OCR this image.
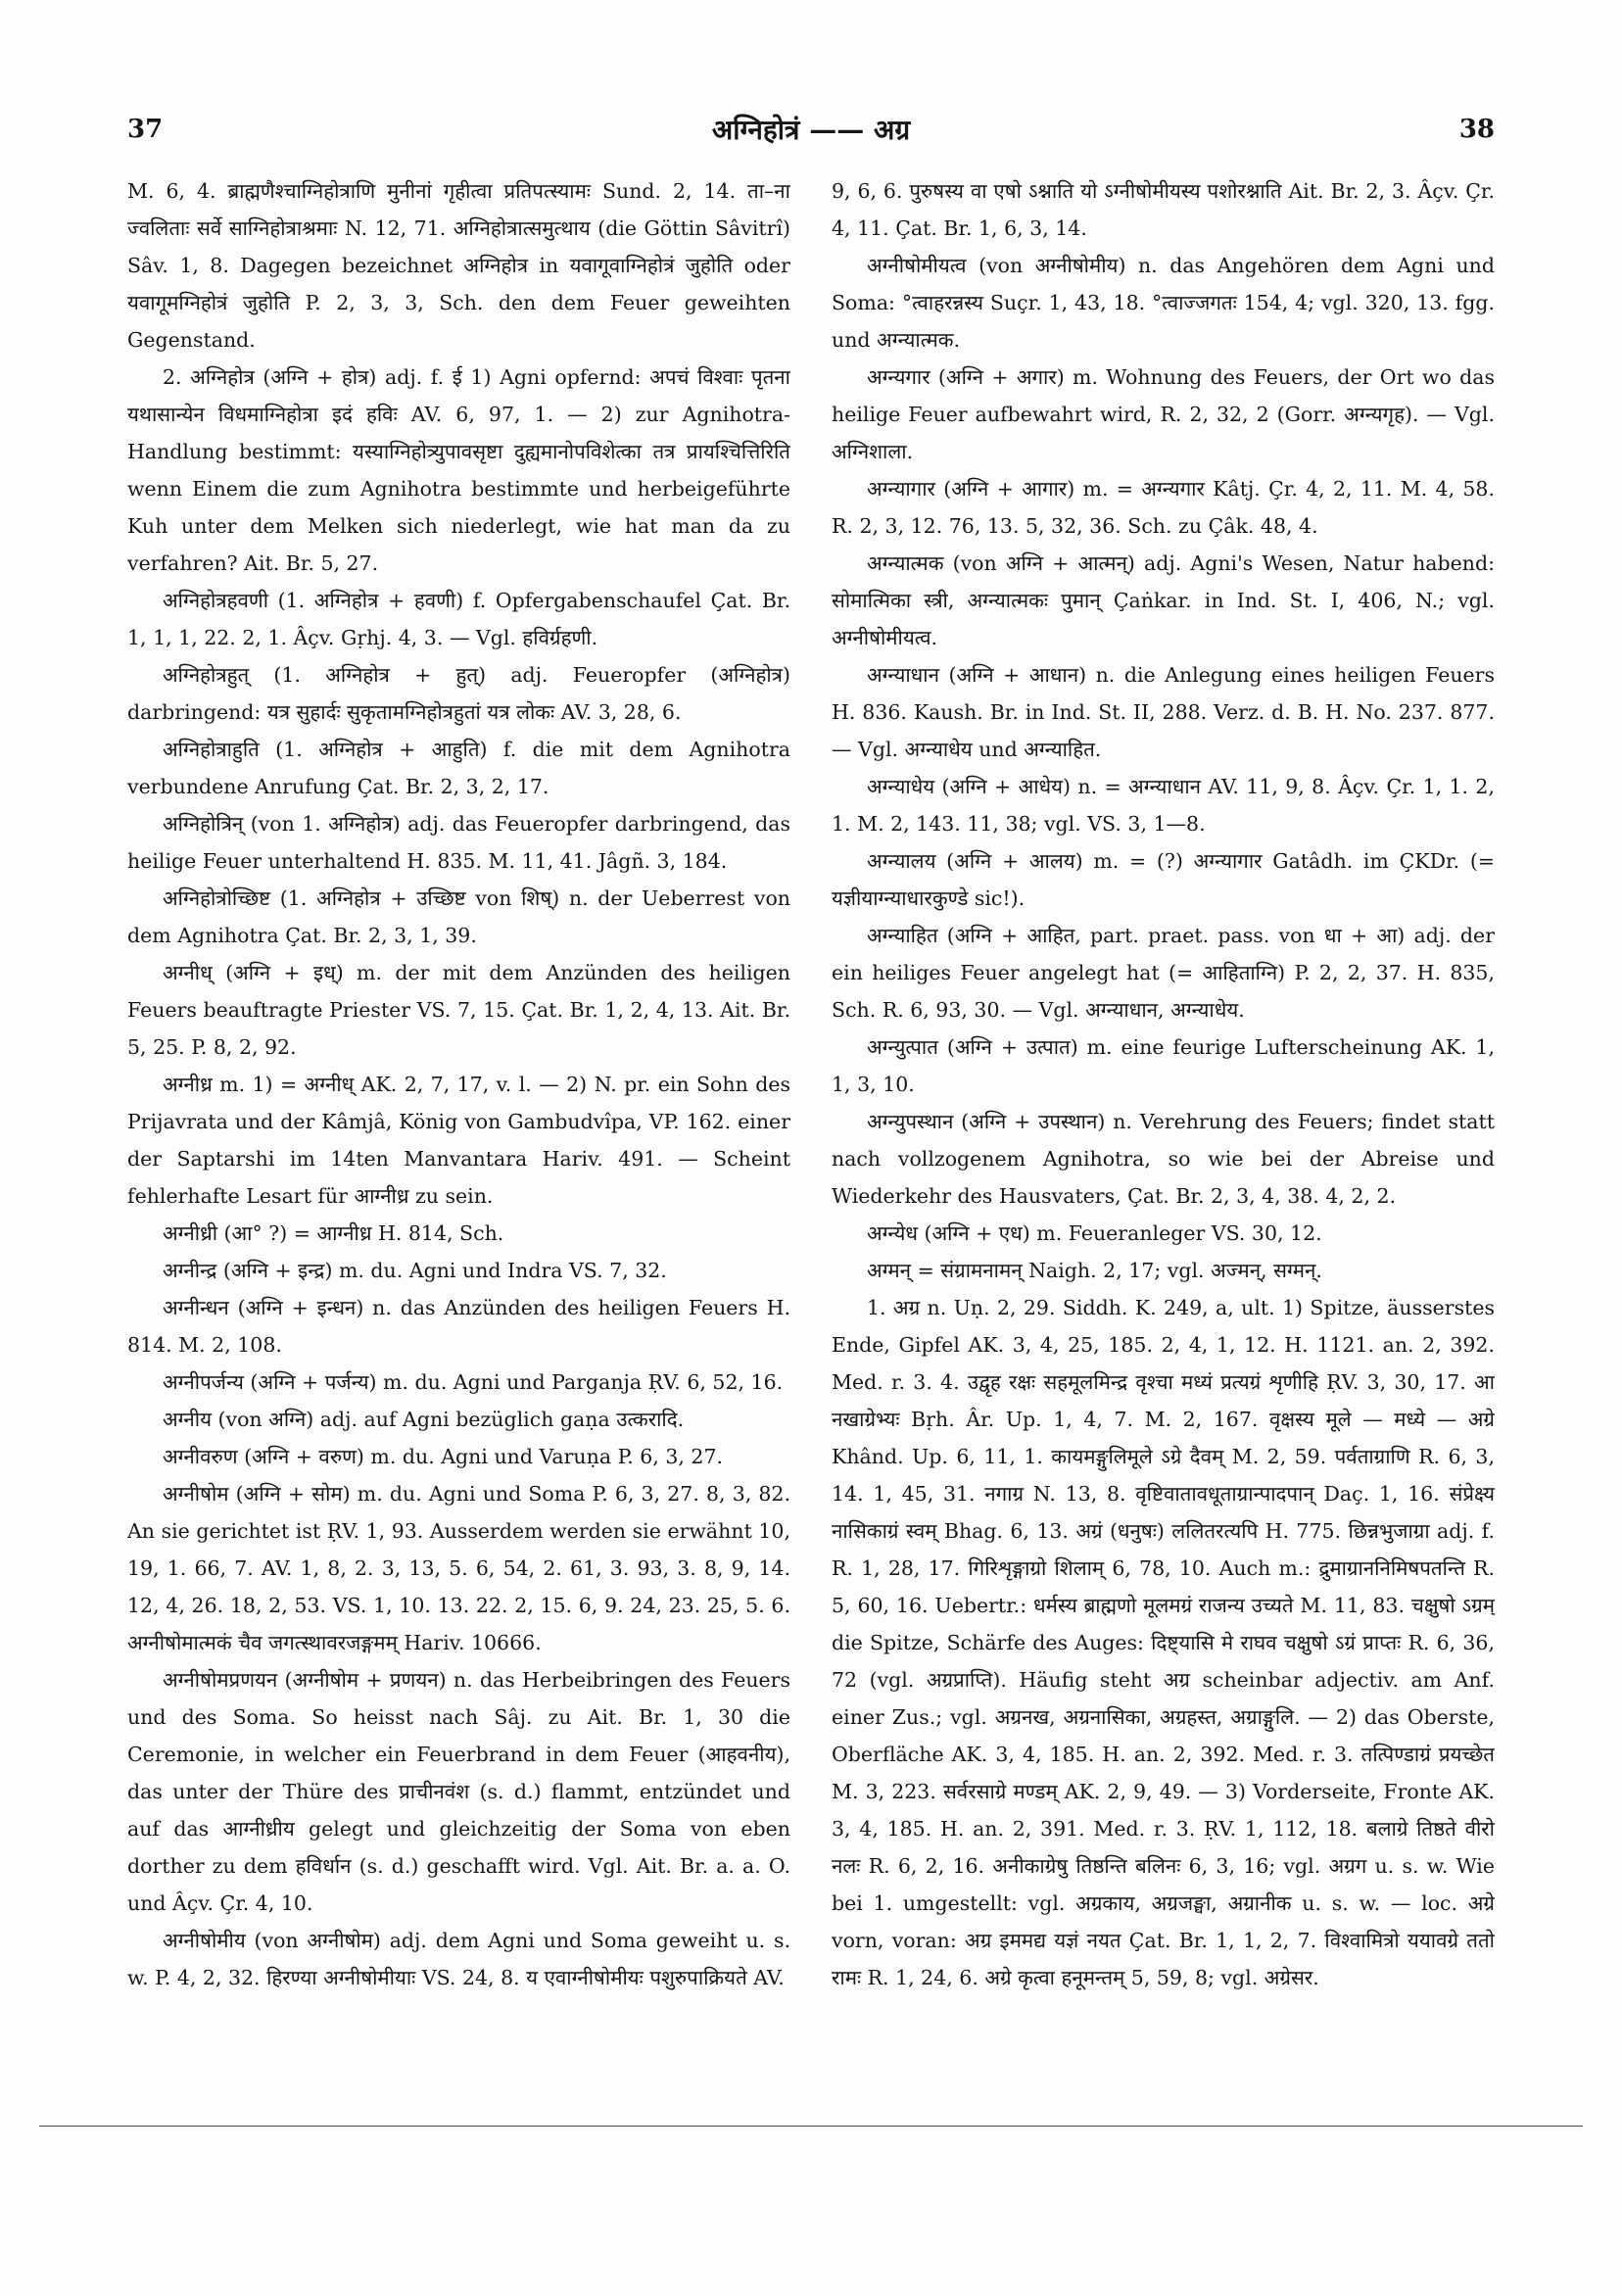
37	अग्निहोत्रं —— अग्र	38

M. 6, 4. ब्राह्मणैश्चाग्निहोत्राणि मुनीनां गृहीत्वा प्रतिपत्स्यामः Sund. 2, 14. ता–ना ज्वलिताः सर्वे साग्निहोत्राश्रमाः N. 12, 71. अग्निहोत्रात्समुत्थाय (die Göttin Sâvitrî) Sâv. 1, 8. Dagegen bezeichnet अग्निहोत्र in यवागूवाग्निहोत्रं जुहोति oder यवागूमग्निहोत्रं जुहोति P. 2, 3, 3, Sch. den dem Feuer geweihten Gegenstand.

2. अग्निहोत्र (अग्नि + होत्र) adj. f. ई 1) Agni opfernd: अपचं विश्वाः पृतना यथासान्येन विधमाग्निहोत्रा इदं हविः AV. 6, 97, 1. — 2) zur Agnihotra-Handlung bestimmt: यस्याग्निहोत्र्युपावसृष्टा दुह्यमानोपविशेत्का तत्र प्रायश्चित्तिरिति wenn Einem die zum Agnihotra bestimmte und herbeigeführte Kuh unter dem Melken sich niederlegt, wie hat man da zu verfahren? Ait. Br. 5, 27.

अग्निहोत्रहवणी (1. अग्निहोत्र + हवणी) f. Opfergabenschaufel Çat. Br. 1, 1, 1, 22. 2, 1. Âçv. Gṛhj. 4, 3. — Vgl. हविर्ग्रहणी.

अग्निहोत्रहुत् (1. अग्निहोत्र + हुत्) adj. Feueropfer (अग्निहोत्र) darbringend: यत्र सुहार्दः सुकृतामग्निहोत्रहुतां यत्र लोकः AV. 3, 28, 6.

अग्निहोत्राहुति (1. अग्निहोत्र + आहुति) f. die mit dem Agnihotra verbundene Anrufung Çat. Br. 2, 3, 2, 17.

अग्निहोत्रिन् (von 1. अग्निहोत्र) adj. das Feueropfer darbringend, das heilige Feuer unterhaltend H. 835. M. 11, 41. Jâgñ. 3, 184.

अग्निहोत्रोच्छिष्ट (1. अग्निहोत्र + उच्छिष्ट von शिष्) n. der Ueberrest von dem Agnihotra Çat. Br. 2, 3, 1, 39.

अग्नीध् (अग्नि + इध्) m. der mit dem Anzünden des heiligen Feuers beauftragte Priester VS. 7, 15. Çat. Br. 1, 2, 4, 13. Ait. Br. 5, 25. P. 8, 2, 92.

अग्नीध्र m. 1) = अग्नीध् AK. 2, 7, 17, v. l. — 2) N. pr. ein Sohn des Prijavrata und der Kâmjâ, König von Gambudvîpa, VP. 162. einer der Saptarshi im 14ten Manvantara Hariv. 491. — Scheint fehlerhafte Lesart für आग्नीध्र zu sein.

अग्नीध्री (आ° ?) = आग्नीध्र H. 814, Sch.

अग्नीन्द्र (अग्नि + इन्द्र) m. du. Agni und Indra VS. 7, 32.

अग्नीन्धन (अग्नि + इन्धन) n. das Anzünden des heiligen Feuers H. 814. M. 2, 108.

अग्नीपर्जन्य (अग्नि + पर्जन्य) m. du. Agni und Parganja ṚV. 6, 52, 16.

अग्नीय (von अग्नि) adj. auf Agni bezüglich gaṇa उत्करादि.

अग्नीवरुण (अग्नि + वरुण) m. du. Agni und Varuṇa P. 6, 3, 27.

अग्नीषोम (अग्नि + सोम) m. du. Agni und Soma P. 6, 3, 27. 8, 3, 82. An sie gerichtet ist ṚV. 1, 93. Ausserdem werden sie erwähnt 10, 19, 1. 66, 7. AV. 1, 8, 2. 3, 13, 5. 6, 54, 2. 61, 3. 93, 3. 8, 9, 14. 12, 4, 26. 18, 2, 53. VS. 1, 10. 13. 22. 2, 15. 6, 9. 24, 23. 25, 5. 6. अग्नीषोमात्मकं चैव जगत्स्थावरजङ्गमम् Hariv. 10666.

अग्नीषोमप्रणयन (अग्नीषोम + प्रणयन) n. das Herbeibringen des Feuers und des Soma. So heisst nach Sâj. zu Ait. Br. 1, 30 die Ceremonie, in welcher ein Feuerbrand in dem Feuer (आहवनीय), das unter der Thüre des प्राचीनवंश (s. d.) flammt, entzündet und auf das आग्नीध्रीय gelegt und gleichzeitig der Soma von eben dorther zu dem हविर्धान (s. d.) geschafft wird. Vgl. Ait. Br. a. a. O. und Âçv. Çr. 4, 10.

अग्नीषोमीय (von अग्नीषोम) adj. dem Agni und Soma geweiht u. s. w. P. 4, 2, 32. हिरण्या अग्नीषोमीयाः VS. 24, 8. य एवाग्नीषोमीयः पशुरुपाक्रियते AV.

9, 6, 6. पुरुषस्य वा एषो ऽश्नाति यो ऽग्नीषोमीयस्य पशोरश्नाति Ait. Br. 2, 3. Âçv. Çr. 4, 11. Çat. Br. 1, 6, 3, 14.

अग्नीषोमीयत्व (von अग्नीषोमीय) n. das Angehören dem Agni und Soma: °त्वाहरन्नस्य Suçr. 1, 43, 18. °त्वाज्जगतः 154, 4; vgl. 320, 13. fgg. und अग्न्यात्मक.

अग्न्यगार (अग्नि + अगार) m. Wohnung des Feuers, der Ort wo das heilige Feuer aufbewahrt wird, R. 2, 32, 2 (Gorr. अग्न्यगृह). — Vgl. अग्निशाला.

अग्न्यागार (अग्नि + आगार) m. = अग्न्यगार Kâtj. Çr. 4, 2, 11. M. 4, 58. R. 2, 3, 12. 76, 13. 5, 32, 36. Sch. zu Çâk. 48, 4.

अग्न्यात्मक (von अग्नि + आत्मन्) adj. Agni's Wesen, Natur habend: सोमात्मिका स्त्री, अग्न्यात्मकः पुमान् Çaṅkar. in Ind. St. I, 406, N.; vgl. अग्नीषोमीयत्व.

अग्न्याधान (अग्नि + आधान) n. die Anlegung eines heiligen Feuers H. 836. Kaush. Br. in Ind. St. II, 288. Verz. d. B. H. No. 237. 877. — Vgl. अग्न्याधेय und अग्न्याहित.

अग्न्याधेय (अग्नि + आधेय) n. = अग्न्याधान AV. 11, 9, 8. Âçv. Çr. 1, 1. 2, 1. M. 2, 143. 11, 38; vgl. VS. 3, 1—8.

अग्न्यालय (अग्नि + आलय) m. = (?) अग्न्यागार Gatâdh. im ÇKDr. (= यज्ञीयाग्न्याधारकुण्डे sic!).

अग्न्याहित (अग्नि + आहित, part. praet. pass. von धा + आ) adj. der ein heiliges Feuer angelegt hat (= आहिताग्नि) P. 2, 2, 37. H. 835, Sch. R. 6, 93, 30. — Vgl. अग्न्याधान, अग्न्याधेय.

अग्न्युत्पात (अग्नि + उत्पात) m. eine feurige Lufterscheinung AK. 1, 1, 3, 10.

अग्न्युपस्थान (अग्नि + उपस्थान) n. Verehrung des Feuers; findet statt nach vollzogenem Agnihotra, so wie bei der Abreise und Wiederkehr des Hausvaters, Çat. Br. 2, 3, 4, 38. 4, 2, 2.

अग्न्येध (अग्नि + एध) m. Feueranleger VS. 30, 12.

अग्मन् = संग्रामनामन् Naigh. 2, 17; vgl. अज्मन्, सग्मन्.

1. अग्र n. Uṇ. 2, 29. Siddh. K. 249, a, ult. 1) Spitze, äusserstes Ende, Gipfel AK. 3, 4, 25, 185. 2, 4, 1, 12. H. 1121. an. 2, 392. Med. r. 3. 4. उद्वृह रक्षः सहमूलमिन्द्र वृश्चा मध्यं प्रत्यग्रं शृणीहि ṚV. 3, 30, 17. आ नखाग्रेभ्यः Bṛh. Âr. Up. 1, 4, 7. M. 2, 167. वृक्षस्य मूले — मध्ये — अग्रे Khând. Up. 6, 11, 1. कायमङ्गुलिमूले ऽग्रे दैवम् M. 2, 59. पर्वताग्राणि R. 6, 3, 14. 1, 45, 31. नगाग्र N. 13, 8. वृष्टिवातावधूताग्रान्पादपान् Daç. 1, 16. संप्रेक्ष्य नासिकाग्रं स्वम् Bhag. 6, 13. अग्रं (धनुषः) ललितरत्यपि H. 775. छिन्नभुजाग्रा adj. f. R. 1, 28, 17. गिरिशृङ्गाग्रो शिलाम् 6, 78, 10. Auch m.: द्रुमाग्राननिमिषपतन्ति R. 5, 60, 16. Uebertr.: धर्मस्य ब्राह्मणो मूलमग्रं राजन्य उच्यते M. 11, 83. चक्षुषो ऽग्रम् die Spitze, Schärfe des Auges: दिष्ट्यासि मे राघव चक्षुषो ऽग्रं प्राप्तः R. 6, 36, 72 (vgl. अग्रप्राप्ति). Häufig steht अग्र scheinbar adjectiv. am Anf. einer Zus.; vgl. अग्रनख, अग्रनासिका, अग्रहस्त, अग्राङ्गुलि. — 2) das Oberste, Oberfläche AK. 3, 4, 185. H. an. 2, 392. Med. r. 3. तत्पिण्डाग्रं प्रयच्छेत M. 3, 223. सर्वरसाग्रे मण्डम् AK. 2, 9, 49. — 3) Vorderseite, Fronte AK. 3, 4, 185. H. an. 2, 391. Med. r. 3. ṚV. 1, 112, 18. बलाग्रे तिष्ठते वीरो नलः R. 6, 2, 16. अनीकाग्रेषु तिष्ठन्ति बलिनः 6, 3, 16; vgl. अग्रग u. s. w. Wie bei 1. umgestellt: vgl. अग्रकाय, अग्रजङ्घा, अग्रानीक u. s. w. — loc. अग्रे vorn, voran: अग्र इममद्य यज्ञं नयत Çat. Br. 1, 1, 2, 7. विश्वामित्रो ययावग्रे ततो रामः R. 1, 24, 6. अग्रे कृत्वा हनूमन्तम् 5, 59, 8; vgl. अग्रेसर.
